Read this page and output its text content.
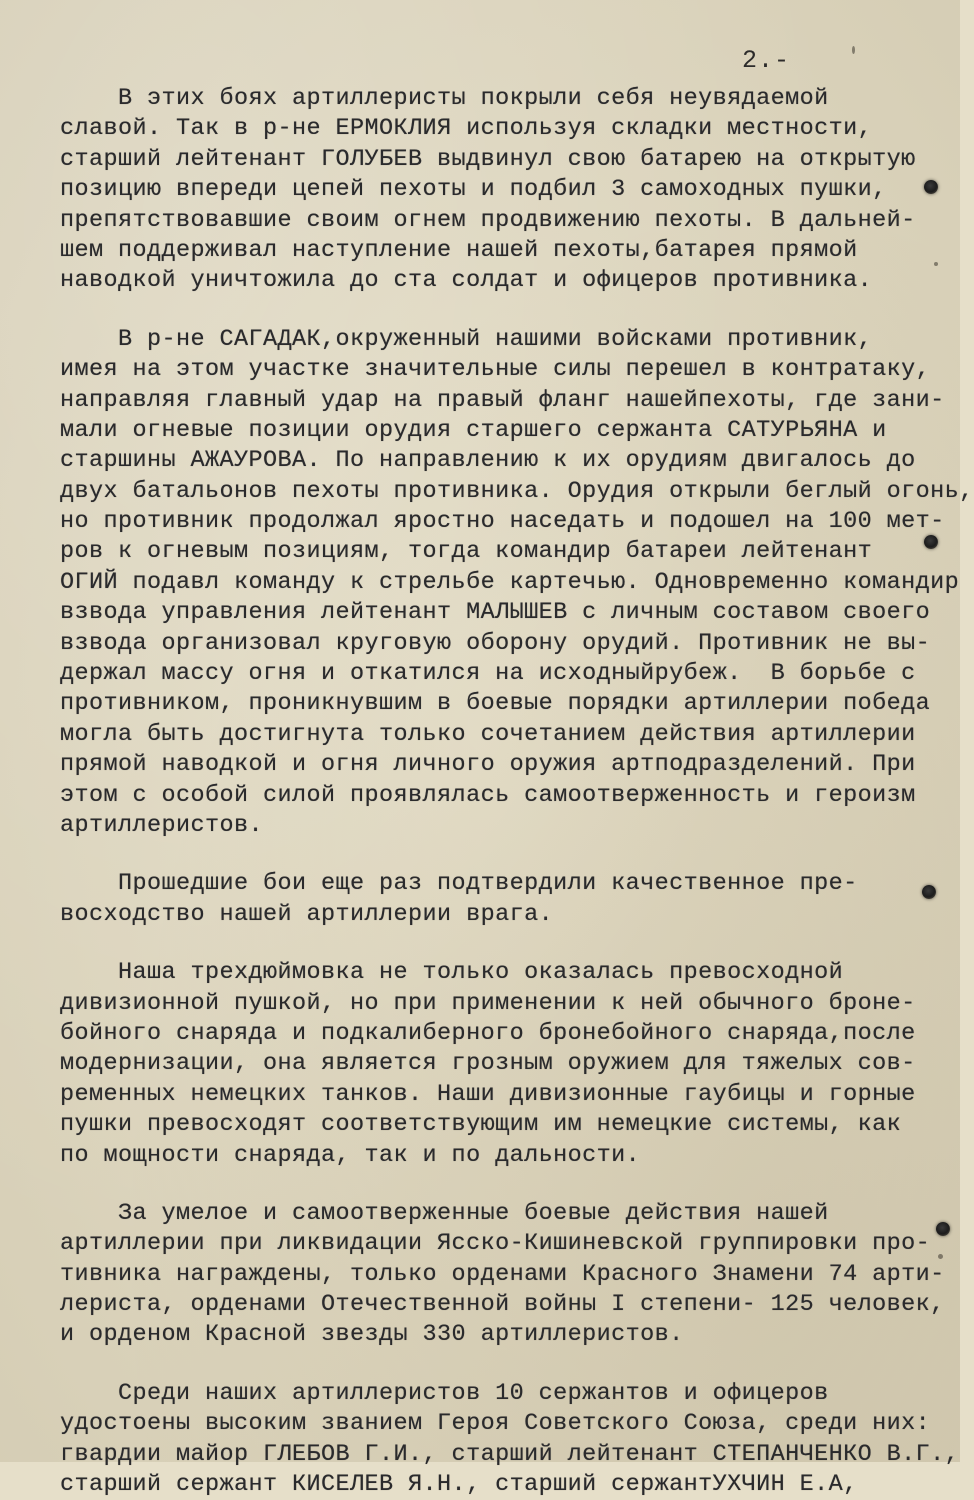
2.-
В этих боях артиллеристы покрыли себя неувядаемой
славой. Так в р-не ЕРМОКЛИЯ используя складки местности,
старший лейтенант ГОЛУБЕВ выдвинул свою батарею на открытую
позицию впереди цепей пехоты и подбил 3 самоходных пушки,
препятствовавшие своим огнем продвижению пехоты. В дальней-
шем поддерживал наступление нашей пехоты,батарея прямой
наводкой уничтожила до ста солдат и офицеров противника.
В р-не САГАДАК,окруженный нашими войсками противник,
имея на этом участке значительные силы перешел в контратаку,
направляя главный удар на правый фланг нашейпехоты, где зани-
мали огневые позиции орудия старшего сержанта САТУРЬЯНА и
старшины АЖАУРОВА. По направлению к их орудиям двигалось до
двух батальонов пехоты противника. Орудия открыли беглый огонь,
но противник продолжал яростно наседать и подошел на 100 мет-
ров к огневым позициям, тогда командир батареи лейтенант
ОГИЙ подавл команду к стрельбе картечью. Одновременно командир
взвода управления лейтенант МАЛЫШЕВ с личным составом своего
взвода организовал круговую оборону орудий. Противник не вы-
держал массу огня и откатился на исходныйрубеж.  В борьбе с
противником, проникнувшим в боевые порядки артиллерии победа
могла быть достигнута только сочетанием действия артиллерии
прямой наводкой и огня личного оружия артподразделений. При
этом с особой силой проявлялась самоотверженность и героизм
артиллеристов.
Прошедшие бои еще раз подтвердили качественное пре-
восходство нашей артиллерии врага.
Наша трехдюймовка не только оказалась превосходной
дивизионной пушкой, но при применении к ней обычного броне-
бойного снаряда и подкалиберного бронебойного снаряда,после
модернизации, она является грозным оружием для тяжелых сов-
ременных немецких танков. Наши дивизионные гаубицы и горные
пушки превосходят соответствующим им немецкие системы, как
по мощности снаряда, так и по дальности.
За умелое и самоотверженные боевые действия нашей
артиллерии при ликвидации Ясско-Кишиневской группировки про-
тивника награждены, только орденами Красного Знамени 74 арти-
лериста, орденами Отечественной войны I степени- 125 человек,
и орденом Красной звезды 330 артиллеристов.
Среди наших артиллеристов 10 сержантов и офицеров
удостоены высоким званием Героя Советского Союза, среди них:
гвардии майор ГЛЕБОВ Г.И., старший лейтенант СТЕПАНЧЕНКО В.Г.,
старший сержант КИСЕЛЕВ Я.Н., старший сержантУХЧИН Е.А,
